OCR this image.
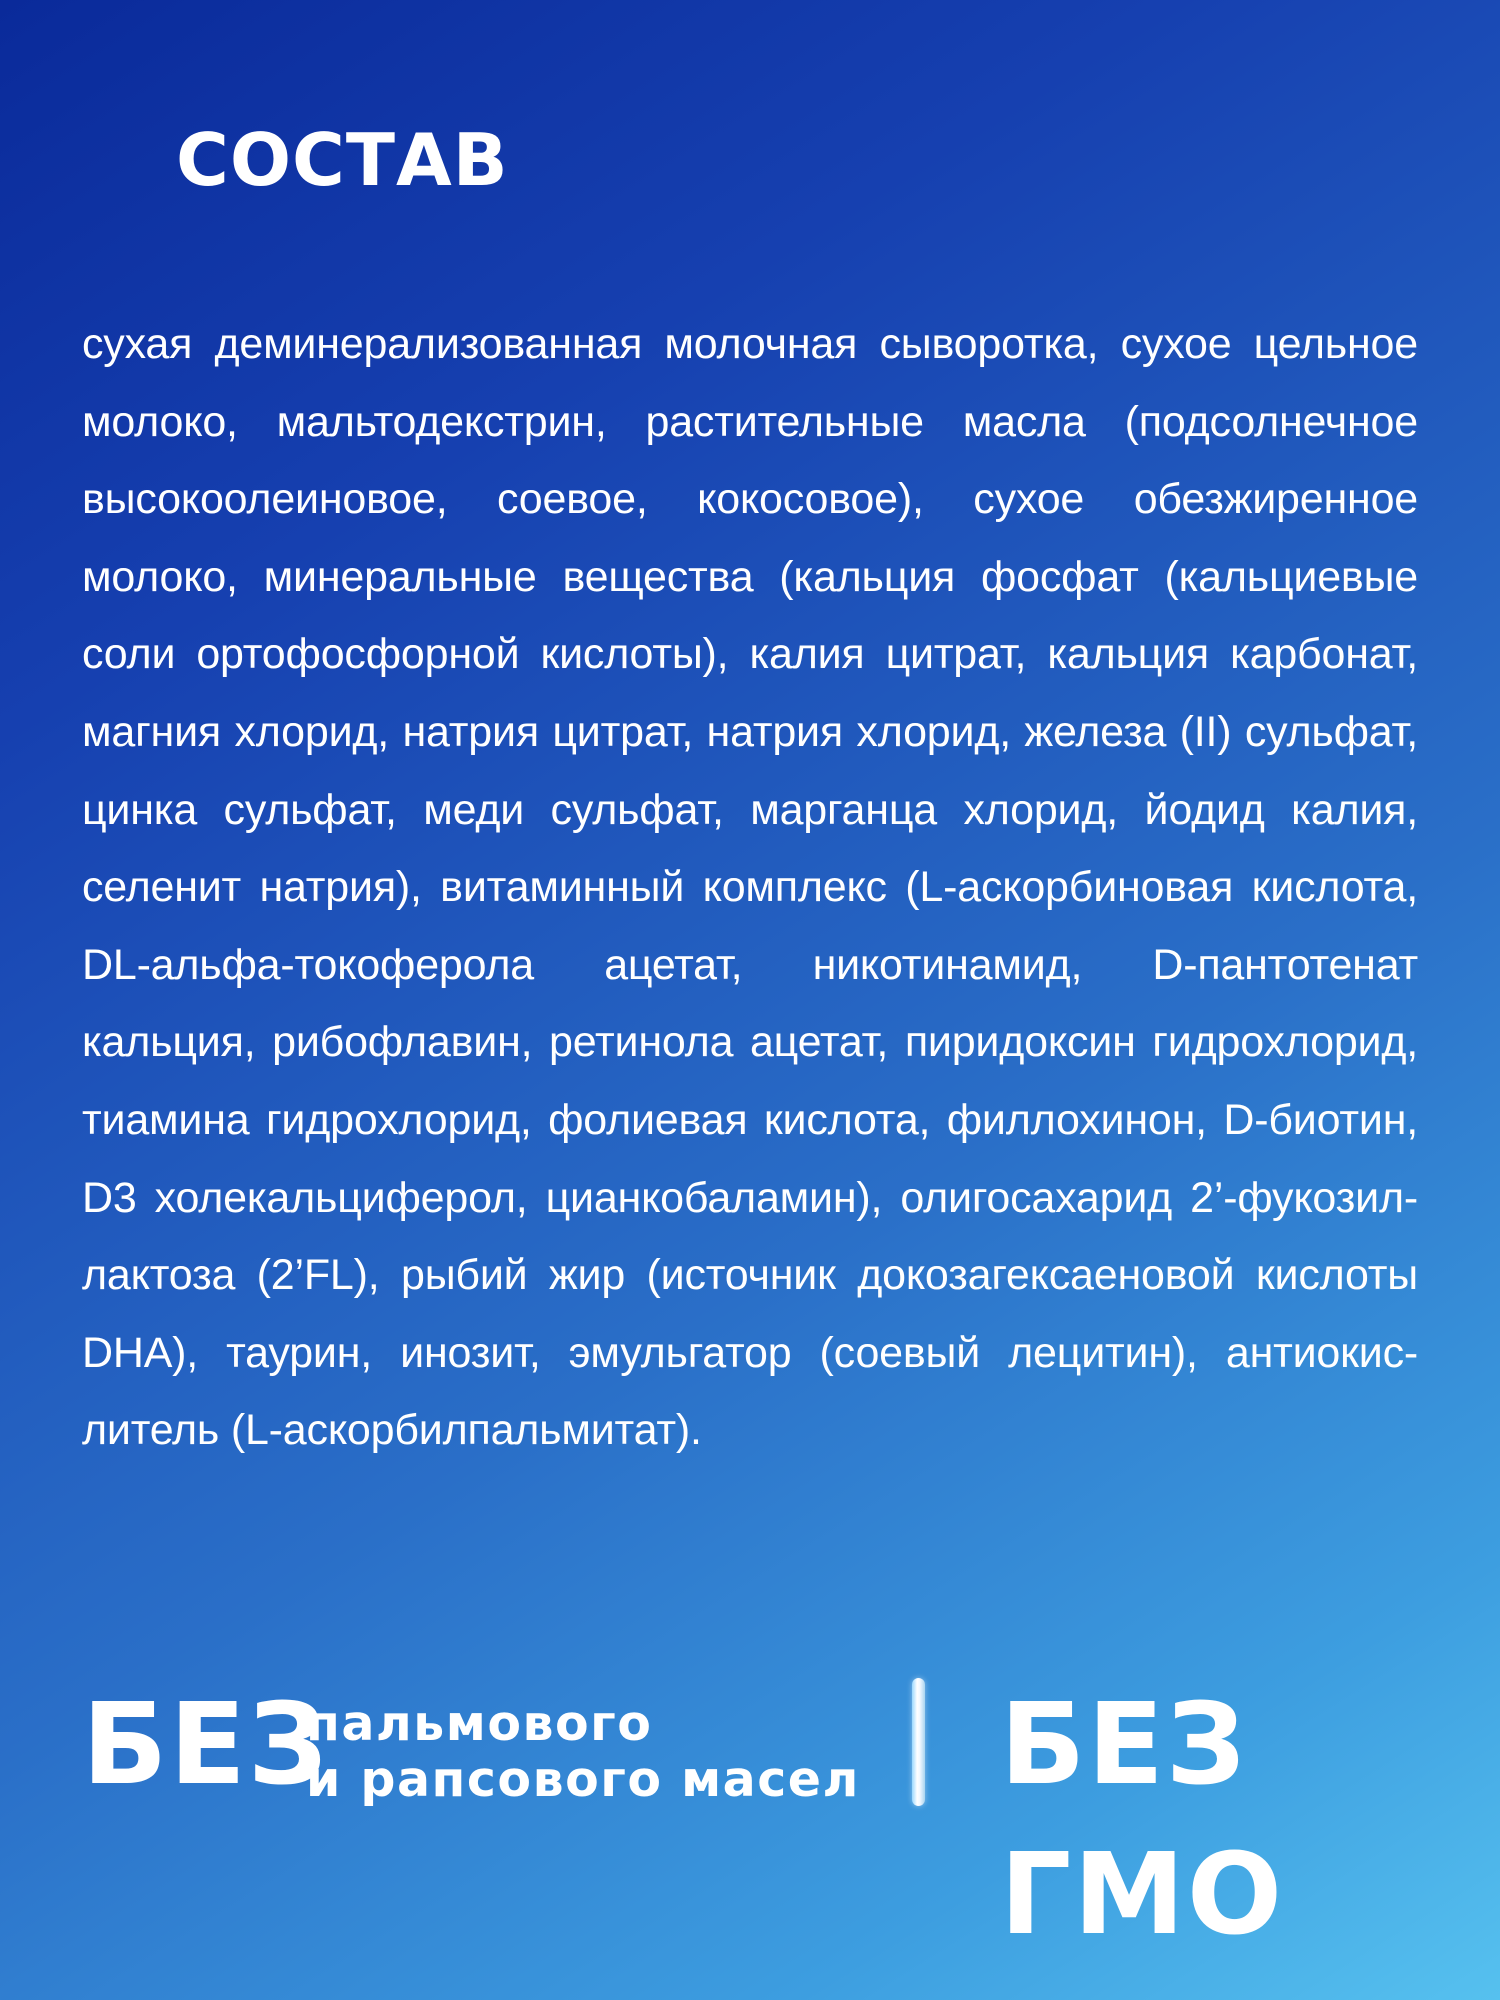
СОСТАВ

сухая деминерализованная молочная сыворотка, сухое цельное молоко, мальтодекстрин, растительные масла (подсолнечное высокоолеиновое, соевое, кокосовое), сухое обезжиренное молоко, минеральные вещества (кальция фосфат (кальциевые соли ортофосфорной кислоты), калия цитрат, кальция карбонат, магния хлорид, натрия цитрат, натрия хлорид, железа (II) сульфат, цинка сульфат, меди сульфат, марганца хлорид, йодид калия, селенит натрия), витаминный комплекс (L-аскорбиновая кислота, DL-альфа-токоферола ацетат, никотинамид, D-пантотенат кальция, рибофлавин, ретинола ацетат, пиридоксин гидрохлорид, тиамина гидрохлорид, фолиевая кислота, филлохинон, D-биотин, D3 холекальциферол, цианкобаламин), олигосахарид 2’-фукозил-лактоза (2’FL), рыбий жир (источник докозагексаеновой кислоты DHA), таурин, инозит, эмульгатор (соевый лецитин), антиокис-литель (L-аскорбилпальмитат).

БЕЗ
пальмового
и рапсового масел БЕЗ ГМО
